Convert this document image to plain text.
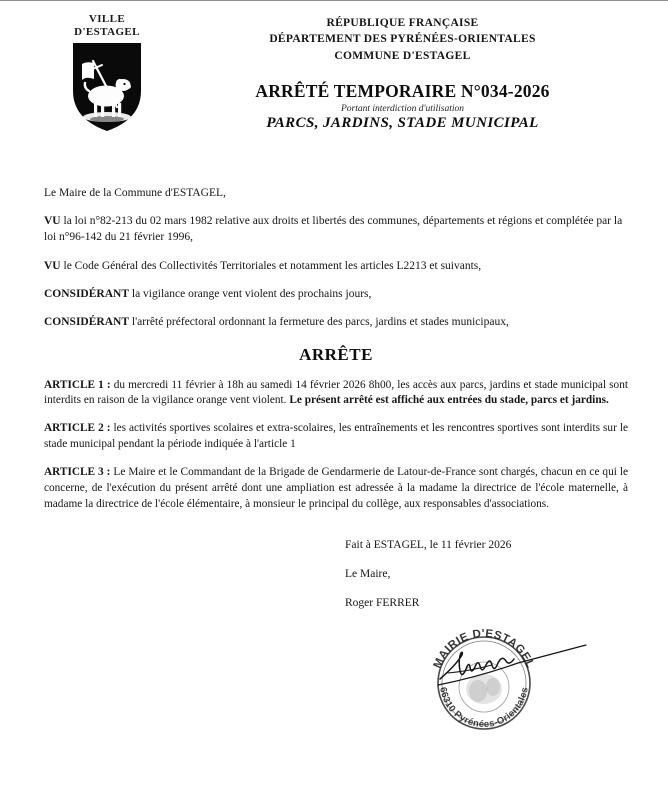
VILLE
D'ESTAGEL
RÉPUBLIQUE FRANÇAISE
DÉPARTEMENT DES PYRÉNÉES-ORIENTALES
COMMUNE D'ESTAGEL
ARRÊTÉ TEMPORAIRE N°034-2026
Portant interdiction d'utilisation
PARCS, JARDINS, STADE MUNICIPAL
Le Maire de la Commune d'ESTAGEL,
VU la loi n°82-213 du 02 mars 1982 relative aux droits et libertés des communes, départements et régions et complétée par la loi n°96-142 du 21 février 1996,
VU le Code Général des Collectivités Territoriales et notamment les articles L2213 et suivants,
CONSIDÉRANT la vigilance orange vent violent des prochains jours,
CONSIDÉRANT l'arrêté préfectoral ordonnant la fermeture des parcs, jardins et stades municipaux,
ARRÊTE
ARTICLE 1 : du mercredi 11 février à 18h au samedi 14 février 2026 8h00, les accès aux parcs, jardins et stade municipal sont interdits en raison de la vigilance orange vent violent. Le présent arrêté est affiché aux entrées du stade, parcs et jardins.
ARTICLE 2 : les activités sportives scolaires et extra-scolaires, les entraînements et les rencontres sportives sont interdits sur le stade municipal pendant la période indiquée à l'article 1
ARTICLE 3 : Le Maire et le Commandant de la Brigade de Gendarmerie de Latour-de-France sont chargés, chacun en ce qui le concerne, de l'exécution du présent arrêté dont une ampliation est adressée à la madame la directrice de l'école maternelle, à madame la directrice de l'école élémentaire, à monsieur le principal du collège, aux responsables d'associations.
Fait à ESTAGEL, le 11 février 2026
Le Maire,
Roger FERRER
MAIRIE D'ESTAGEL
66310 Pyrénées-Orientales
